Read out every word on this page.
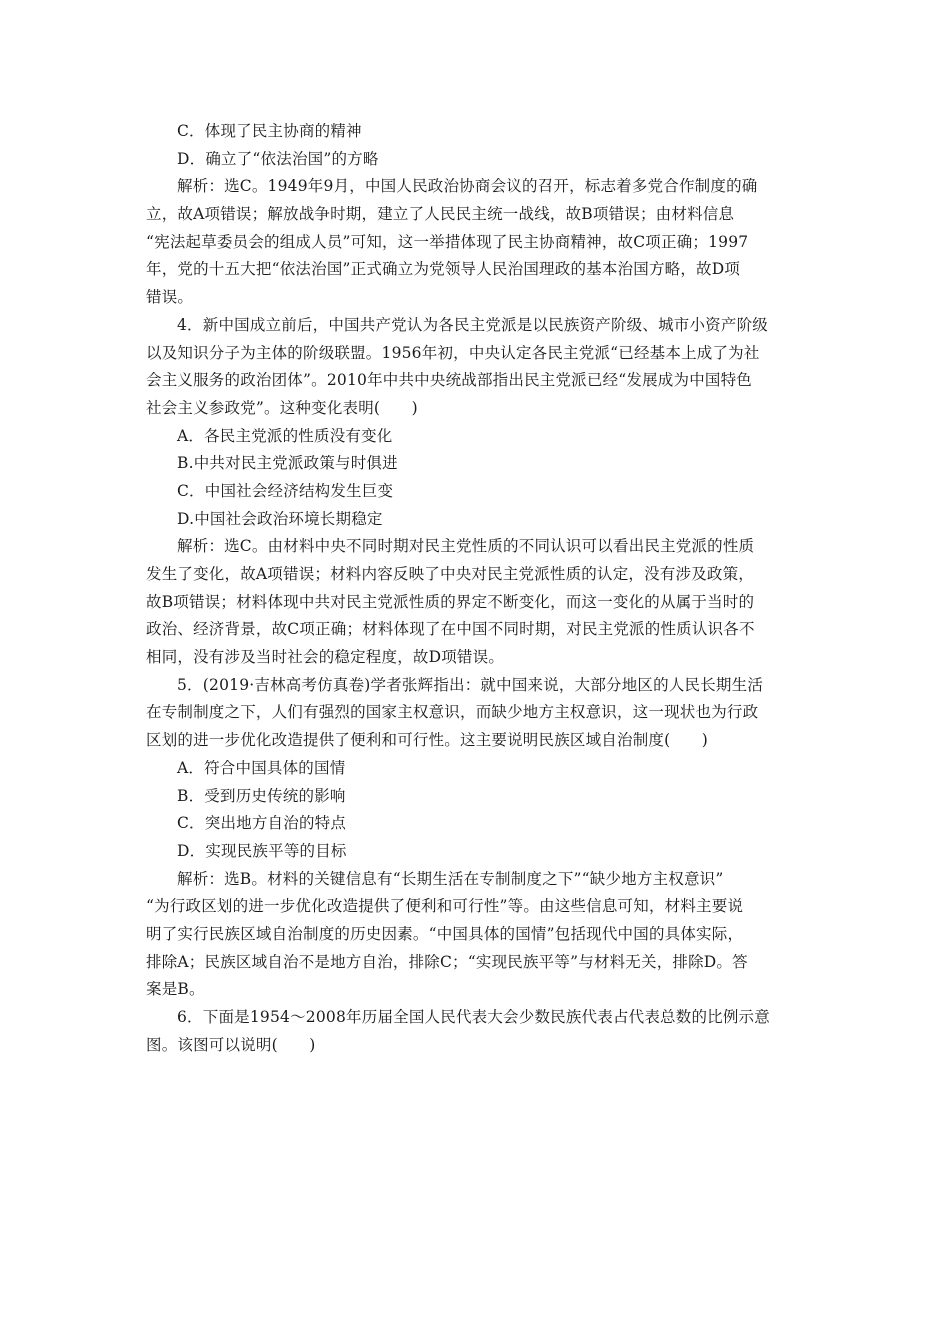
C．体现了民主协商的精神
D．确立了“依法治国”的方略
解析：选C。1949年9月，中国人民政治协商会议的召开，标志着多党合作制度的确
立，故A项错误；解放战争时期，建立了人民民主统一战线，故B项错误；由材料信息
“宪法起草委员会的组成人员”可知，这一举措体现了民主协商精神，故C项正确；1997
年，党的十五大把“依法治国”正式确立为党领导人民治国理政的基本治国方略，故D项
错误。
4．新中国成立前后，中国共产党认为各民主党派是以民族资产阶级、城市小资产阶级
以及知识分子为主体的阶级联盟。1956年初，中央认定各民主党派“已经基本上成了为社
会主义服务的政治团体”。2010年中共中央统战部指出民主党派已经“发展成为中国特色
社会主义参政党”。这种变化表明(　　)
A．各民主党派的性质没有变化
B.中共对民主党派政策与时俱进
C．中国社会经济结构发生巨变
D.中国社会政治环境长期稳定
解析：选C。由材料中央不同时期对民主党性质的不同认识可以看出民主党派的性质
发生了变化，故A项错误；材料内容反映了中央对民主党派性质的认定，没有涉及政策，
故B项错误；材料体现中共对民主党派性质的界定不断变化，而这一变化的从属于当时的
政治、经济背景，故C项正确；材料体现了在中国不同时期，对民主党派的性质认识各不
相同，没有涉及当时社会的稳定程度，故D项错误。
5．(2019·吉林高考仿真卷)学者张辉指出：就中国来说，大部分地区的人民长期生活
在专制制度之下，人们有强烈的国家主权意识，而缺少地方主权意识，这一现状也为行政
区划的进一步优化改造提供了便利和可行性。这主要说明民族区域自治制度(　　)
A．符合中国具体的国情
B．受到历史传统的影响
C．突出地方自治的特点
D．实现民族平等的目标
解析：选B。材料的关键信息有“长期生活在专制制度之下”“缺少地方主权意识”
“为行政区划的进一步优化改造提供了便利和可行性”等。由这些信息可知，材料主要说
明了实行民族区域自治制度的历史因素。“中国具体的国情”包括现代中国的具体实际，
排除A；民族区域自治不是地方自治，排除C；“实现民族平等”与材料无关，排除D。答
案是B。
6．下面是1954～2008年历届全国人民代表大会少数民族代表占代表总数的比例示意
图。该图可以说明(　　)
